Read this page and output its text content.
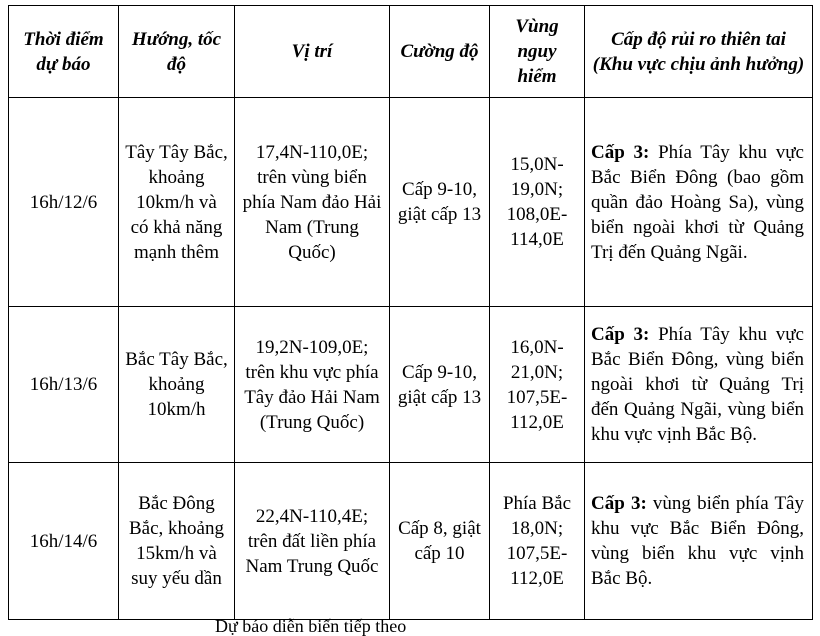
Thời điểm dự báo	Hướng, tốc độ	Vị trí	Cường độ	Vùng nguy hiểm	Cấp độ rủi ro thiên tai (Khu vực chịu ảnh hưởng)
16h/12/6	Tây Tây Bắc, khoảng 10km/h và có khả năng mạnh thêm	17,4N-110,0E; trên vùng biển phía Nam đảo Hải Nam (Trung Quốc)	Cấp 9-10, giật cấp 13	15,0N-19,0N; 108,0E-114,0E	Cấp 3: Phía Tây khu vực Bắc Biển Đông (bao gồm quần đảo Hoàng Sa), vùng biển ngoài khơi từ Quảng Trị đến Quảng Ngãi.
16h/13/6	Bắc Tây Bắc, khoảng 10km/h	19,2N-109,0E; trên khu vực phía Tây đảo Hải Nam (Trung Quốc)	Cấp 9-10, giật cấp 13	16,0N-21,0N; 107,5E-112,0E	Cấp 3: Phía Tây khu vực Bắc Biển Đông, vùng biển ngoài khơi từ Quảng Trị đến Quảng Ngãi, vùng biển khu vực vịnh Bắc Bộ.
16h/14/6	Bắc Đông Bắc, khoảng 15km/h và suy yếu dần	22,4N-110,4E; trên đất liền phía Nam Trung Quốc	Cấp 8, giật cấp 10	Phía Bắc 18,0N; 107,5E-112,0E	Cấp 3: vùng biển phía Tây khu vực Bắc Biển Đông, vùng biển khu vực vịnh Bắc Bộ.
Dự báo diễn biến tiếp theo
